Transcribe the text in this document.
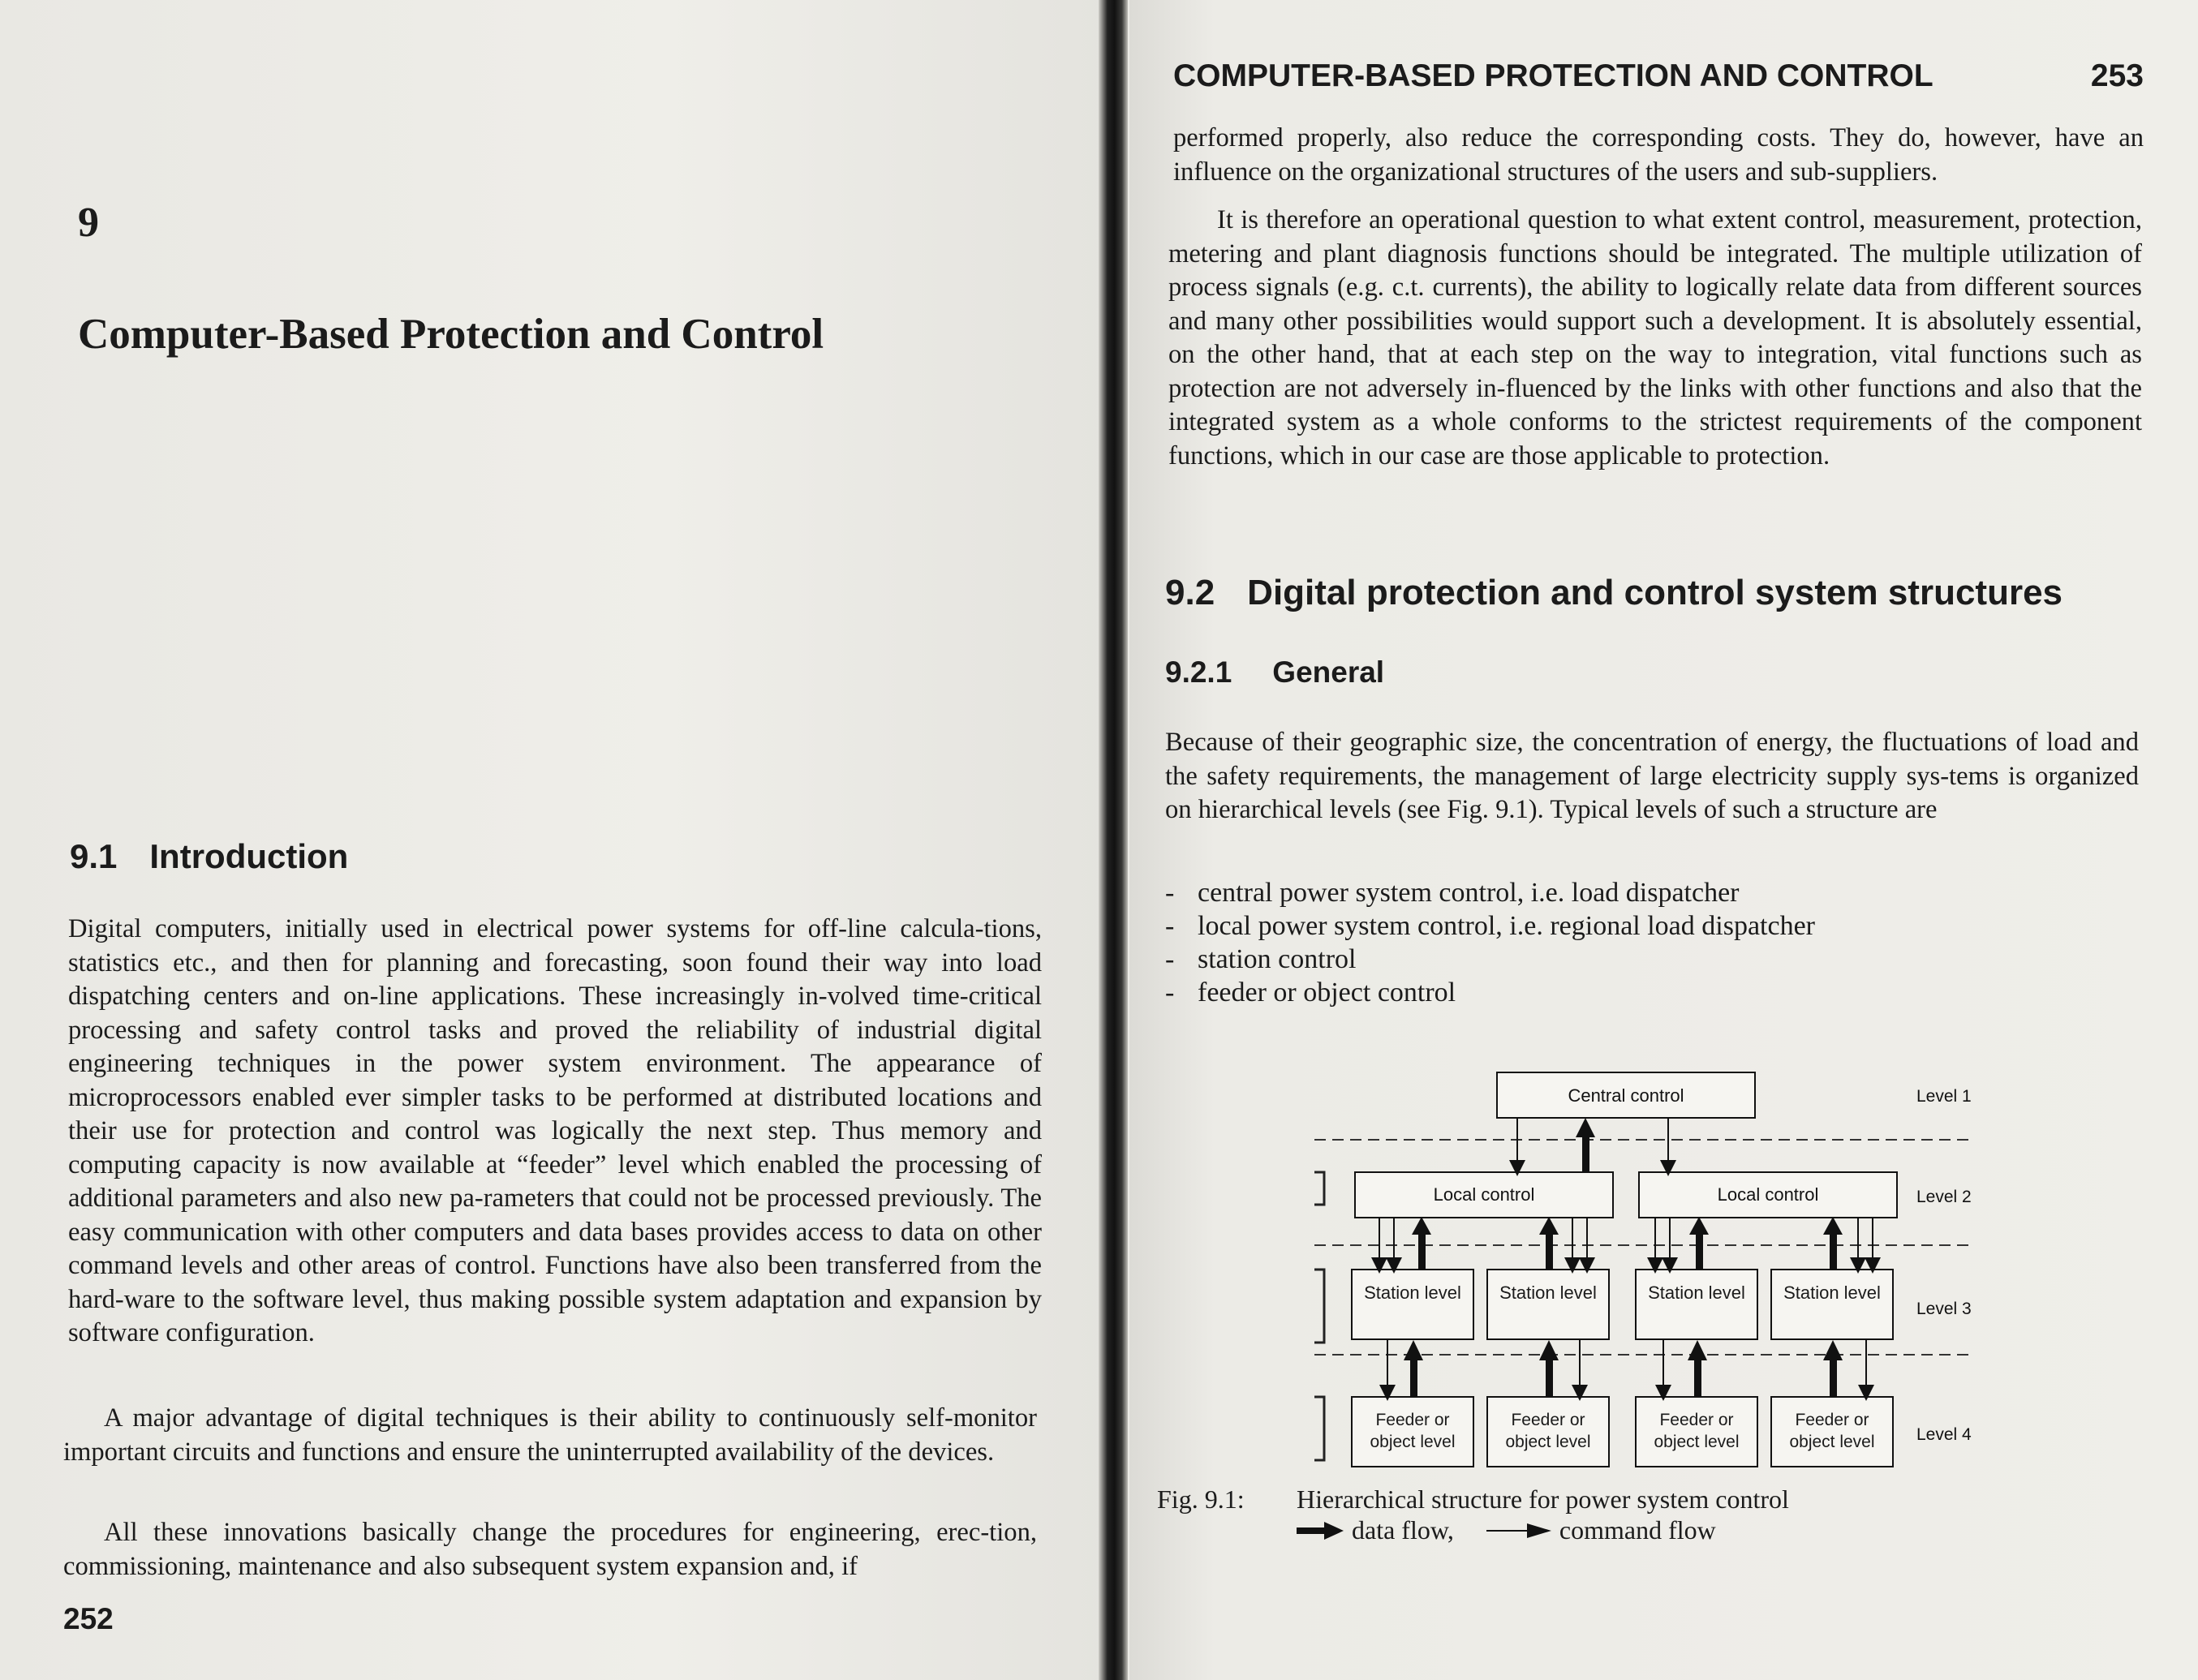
9
Computer-Based Protection and Control
9.1 Introduction

Digital computers, initially used in electrical power systems for off-line calcula-tions, statistics etc., and then for planning and forecasting, soon found their way into load dispatching centers and on-line applications. These increasingly in-volved time-critical processing and safety control tasks and proved the reliability of industrial digital engineering techniques in the power system environment. The appearance of microprocessors enabled ever simpler tasks to be performed at distributed locations and their use for protection and control was logically the next step. Thus memory and computing capacity is now available at “feeder” level which enabled the processing of additional parameters and also new pa-rameters that could not be processed previously. The easy communication with other computers and data bases provides access to data on other command levels and other areas of control. Functions have also been transferred from the hard-ware to the software level, thus making possible system adaptation and expansion by software configuration.

A major advantage of digital techniques is their ability to continuously self-monitor important circuits and functions and ensure the uninterrupted availability of the devices.

All these innovations basically change the procedures for engineering, erec-tion, commissioning, maintenance and also subsequent system expansion and, if

252
COMPUTER-BASED PROTECTION AND CONTROL	253

performed properly, also reduce the corresponding costs. They do, however, have an influence on the organizational structures of the users and sub-suppliers.

It is therefore an operational question to what extent control, measurement, protection, metering and plant diagnosis functions should be integrated. The multiple utilization of process signals (e.g. c.t. currents), the ability to logically relate data from different sources and many other possibilities would support such a development. It is absolutely essential, on the other hand, that at each step on the way to integration, vital functions such as protection are not adversely in-fluenced by the links with other functions and also that the integrated system as a whole conforms to the strictest requirements of the component functions, which in our case are those applicable to protection.

9.2 Digital protection and control system structures
9.2.1 General

Because of their geographic size, the concentration of energy, the fluctuations of load and the safety requirements, the management of large electricity supply sys-tems is organized on hierarchical levels (see Fig. 9.1). Typical levels of such a structure are

- central power system control, i.e. load dispatcher
- local power system control, i.e. regional load dispatcher
- station control
- feeder or object control
Central control
Local control	Local control
Station level	Station level	Station level	Station level
Feeder or object level
Feeder or object level
Feeder or object level
Feeder or object level
Level 1
Level 2
Level 3
Level 4
Fig. 9.1: Hierarchical structure for power system control
data flow,	command flow
